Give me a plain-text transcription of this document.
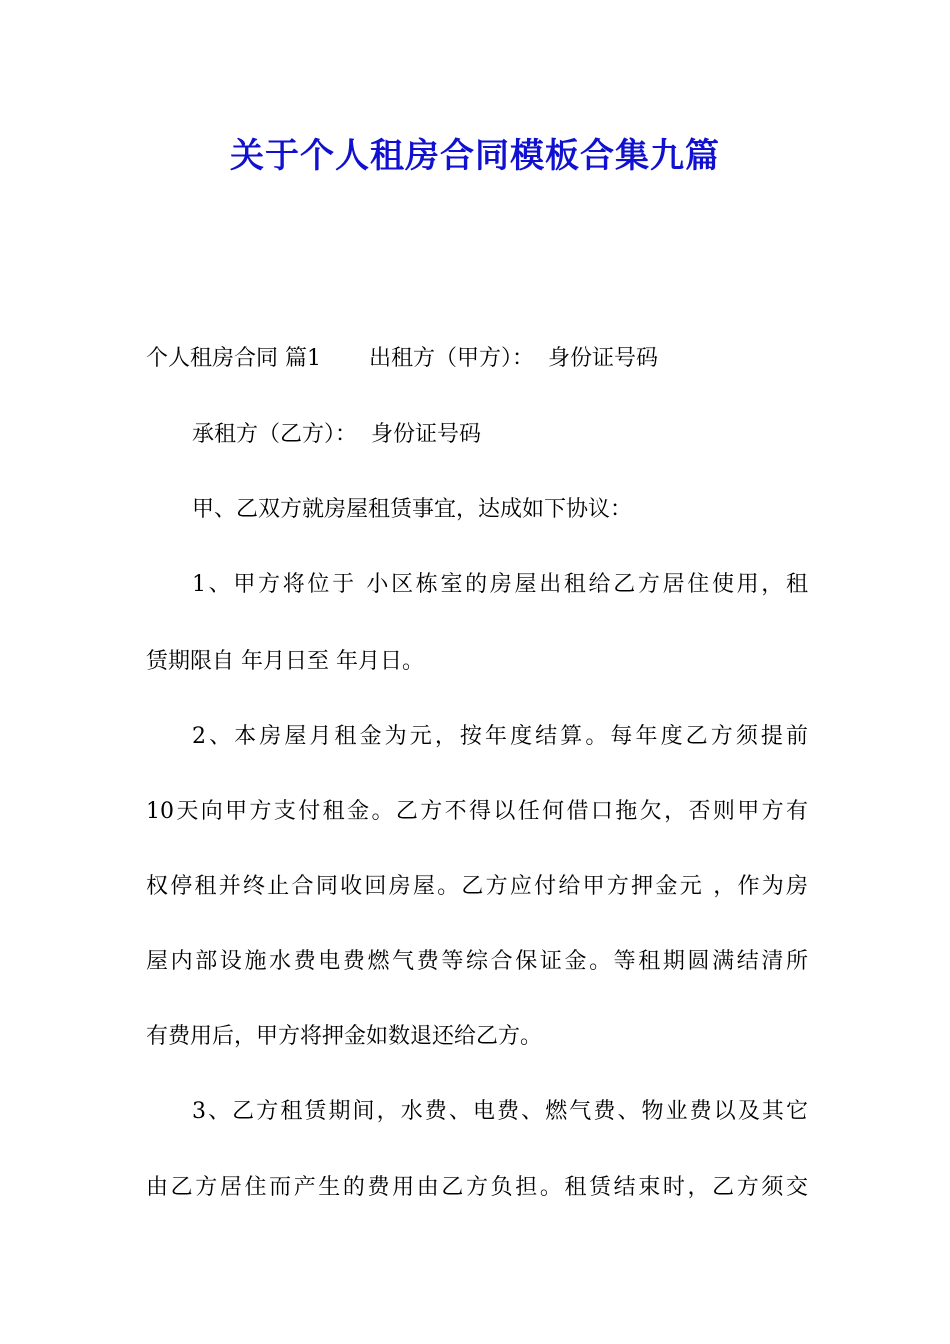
关于个人租房合同模板合集九篇
个人租房合同 篇1 出租方（甲方）： 身份证号码
承租方（乙方）： 身份证号码
甲、乙双方就房屋租赁事宜，达成如下协议：
1、甲方将位于 小区栋室的房屋出租给乙方居住使用，租
赁期限自 年月日至 年月日。
2、本房屋月租金为元，按年度结算。每年度乙方须提前
10天向甲方支付租金。乙方不得以任何借口拖欠，否则甲方有
权停租并终止合同收回房屋。乙方应付给甲方押金元 ，作为房
屋内部设施水费电费燃气费等综合保证金。等租期圆满结清所
有费用后，甲方将押金如数退还给乙方。
3、乙方租赁期间，水费、电费、燃气费、物业费以及其它
由乙方居住而产生的费用由乙方负担。租赁结束时，乙方须交
